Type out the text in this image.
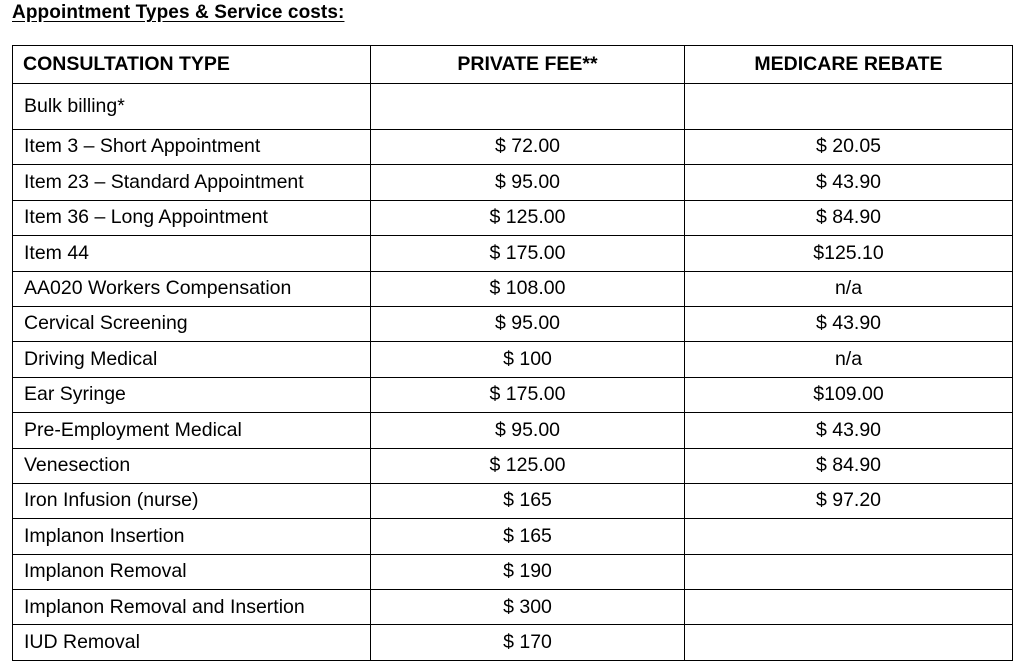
Appointment Types & Service costs:
CONSULTATION TYPE	PRIVATE FEE**	MEDICARE REBATE
Bulk billing*		
Item 3 – Short Appointment	$ 72.00	$ 20.05
Item 23 – Standard Appointment	$ 95.00	$ 43.90
Item 36 – Long Appointment	$ 125.00	$ 84.90
Item 44	$ 175.00	$125.10
AA020 Workers Compensation	$ 108.00	n/a
Cervical Screening	$ 95.00	$ 43.90
Driving Medical	$ 100	n/a
Ear Syringe	$ 175.00	$109.00
Pre-Employment Medical	$ 95.00	$ 43.90
Venesection	$ 125.00	$ 84.90
Iron Infusion (nurse)	$ 165	$ 97.20
Implanon Insertion	$ 165	
Implanon Removal	$ 190	
Implanon Removal and Insertion	$ 300	
IUD Removal	$ 170	
